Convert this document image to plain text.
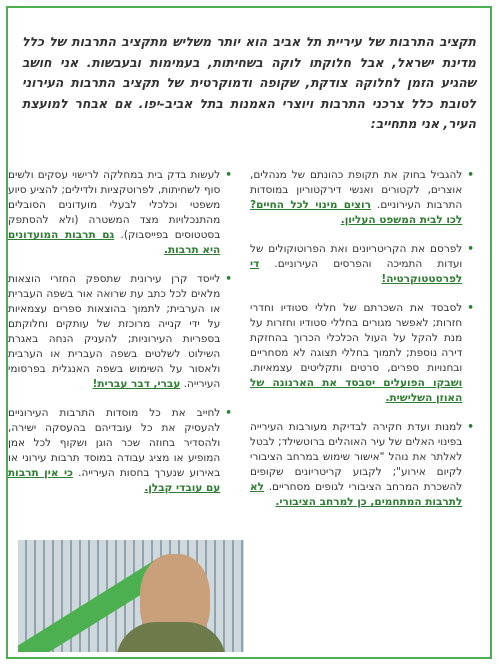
תקציב התרבות של עיריית תל אביב הוא יותר משליש מתקציב התרבות של כלל מדינת ישראל, אבל חלוקתו לוקה בשחיתות, בעמימות ובעבשות. אני חושב שהגיע הזמן לחלוקה צודקת, שקופה ודמוקרטית של תקציב התרבות העירוני לטובת כלל צרכני התרבות ויוצרי האמנות בתל אביב-יפו. אם אבחר למועצת העיר, אני מתחייב:
•
להגביל בחוק את תקופת כהונתם של מנהלים, אוצרים, לקטורים ואנשי דירקטוריון במוסדות התרבות העירוניים. רוצים מינוי לכל החיים? לכו לבית המשפט העליון.
•
לפרסם את הקריטריונים ואת הפרוטוקולים של ועדות התמיכה והפרסים העירוניים. די לפרסטטוקרטיה!
•
לסבסד את השכרתם של חללי סטודיו וחדרי חזרות; לאפשר מגורים בחללי סטודיו וחזרות על מנת להקל על העול הכלכלי הכרוך בהחזקת דירה נוספת; לתמוך בחללי תצוגה לא מסחריים ובחנויות ספרים, סרטים ותקליטים עצמאיות. ושבקו הפועלים יסבסד את הארנונה של האוזן השלישית.
•
למנות ועדת חקירה לבדיקת מעורבות העירייה בפינוי האלים של עיר האוהלים ברוטשילד; לבטל לאלתר את נוהל "אישור שימוש במרחב הציבורי לקיום אירוע"; לקבוע קריטריונים שקופים להשכרת המרחב הציבורי לגופים מסחריים. לא לתרבות המתחמים, כן למרחב הציבורי.
•
לעשות בדק בית במחלקה לרישוי עסקים ולשים סוף לשחיתות, לפרוטקציות ולדילים; להציע סיוע משפטי וכלכלי לבעלי מועדונים הסובלים מהתנכלויות מצד המשטרה (ולא להסתפק בסטטוסים בפייסבוק). גם תרבות המועדונים היא תרבות.
•
לייסד קרן עירונית שתספק החזרי הוצאות מלאים לכל כתב עת שרואה אור בשפה העברית או הערבית; לתמוך בהוצאות ספרים עצמאיות על ידי קנייה מרוכזת של עותקים וחלוקתם בספריות העירוניות; להעניק הנחה באגרת השילוט לשלטים בשפה העברית או הערבית ולאסור על השימוש בשפה האנגלית בפרסומי העירייה. עברי, דבר עברית!
•
לחייב את כל מוסדות התרבות העירוניים להעסיק את כל עובדיהם בהעסקה ישירה, ולהסדיר בחוזה שכר הוגן ושקוף לכל אמן המופיע או מציג עבודה במוסד תרבות עירוני או באירוע שנערך בחסות העירייה. כי אין תרבות עם עובדי קבלן.
